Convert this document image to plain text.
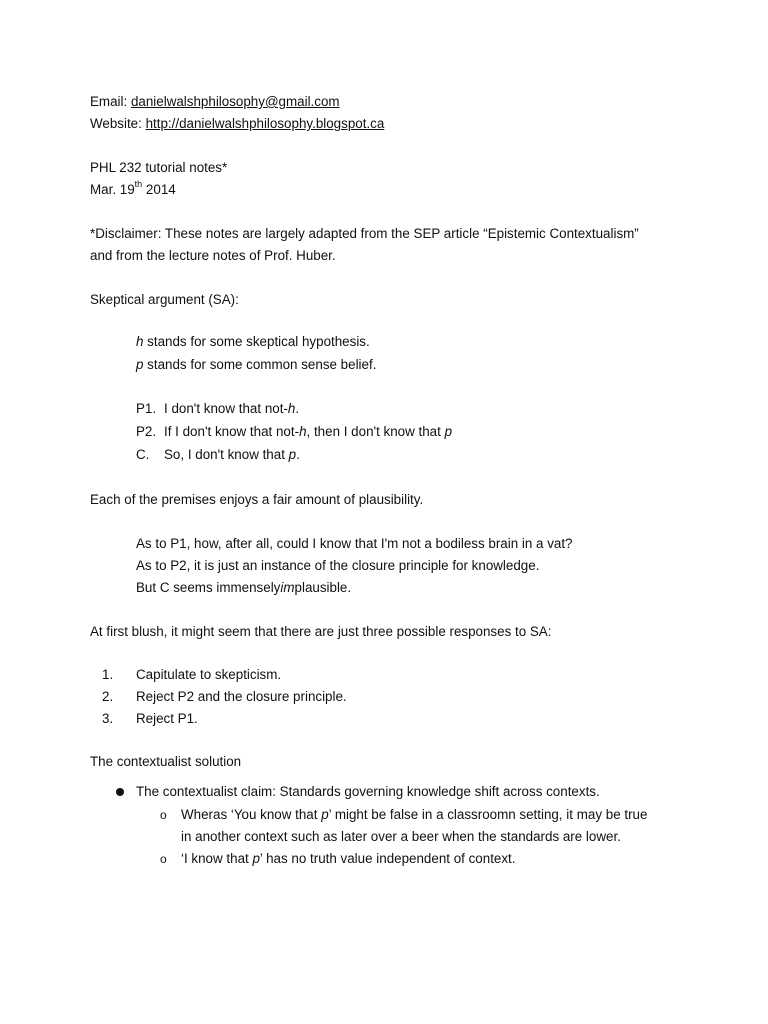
Email: danielwalshphilosophy@gmail.com
Website: http://danielwalshphilosophy.blogspot.ca
PHL 232 tutorial notes*
Mar. 19th 2014
*Disclaimer: These notes are largely adapted from the SEP article “Epistemic Contextualism”
and from the lecture notes of Prof. Huber.
Skeptical argument (SA):
h stands for some skeptical hypothesis.
p stands for some common sense belief.
P1. I don't know that not-h.
P2. If I don't know that not-h, then I don't know that p
C. So, I don't know that p.
Each of the premises enjoys a fair amount of plausibility.
As to P1, how, after all, could I know that I'm not a bodiless brain in a vat?
As to P2, it is just an instance of the closure principle for knowledge.
But C seems immenselyimplausible.
At first blush, it might seem that there are just three possible responses to SA:
1. Capitulate to skepticism.
2. Reject P2 and the closure principle.
3. Reject P1.
The contextualist solution
The contextualist claim: Standards governing knowledge shift across contexts.
o Wheras ‘You know that p’ might be false in a classroomn setting, it may be true
in another context such as later over a beer when the standards are lower.
o ‘I know that p’ has no truth value independent of context.
